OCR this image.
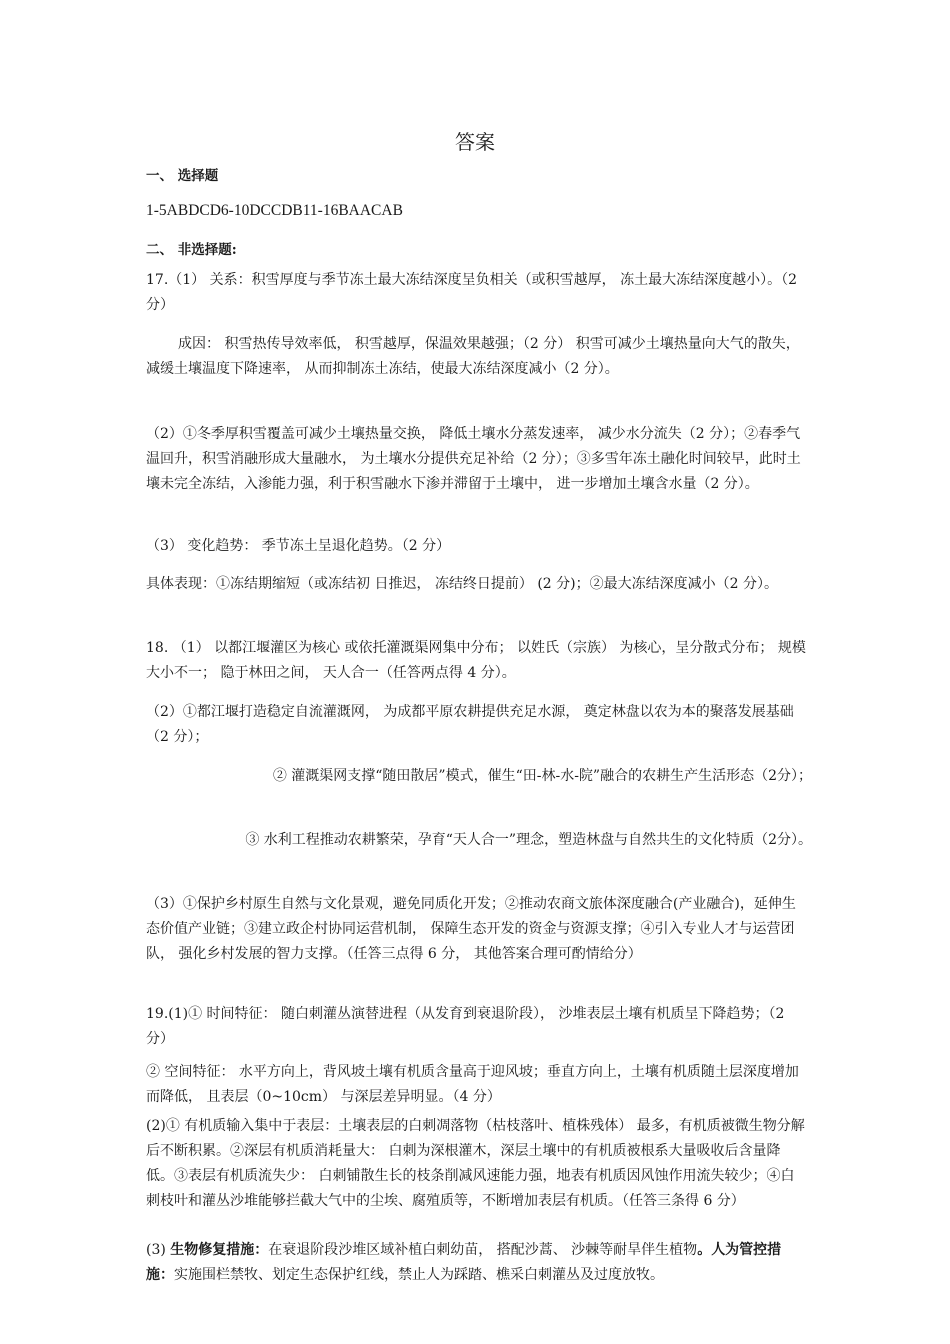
答案

一、 选择题

1-5ABDCD6-10DCCDB11-16BAACAB

二、 非选择题:

17.（1） 关系：积雪厚度与季节冻土最大冻结深度呈负相关（或积雪越厚， 冻土最大冻结深度越小）。（2 分）

成因： 积雪热传导效率低， 积雪越厚，保温效果越强；（2 分） 积雪可减少土壤热量向大气的散失， 减缓土壤温度下降速率， 从而抑制冻土冻结，使最大冻结深度减小（2 分）。

（2）①冬季厚积雪覆盖可减少土壤热量交换， 降低土壤水分蒸发速率， 减少水分流失（2 分）；②春季气温回升，积雪消融形成大量融水， 为土壤水分提供充足补给（2 分）；③多雪年冻土融化时间较早，此时土壤未完全冻结，入渗能力强，利于积雪融水下渗并滞留于土壤中， 进一步增加土壤含水量（2 分）。

（3） 变化趋势： 季节冻土呈退化趋势。（2 分）

具体表现：①冻结期缩短（或冻结初 日推迟， 冻结终日提前） (2 分)；②最大冻结深度减小（2 分）。

18. （1） 以都江堰灌区为核心 或依托灌溉渠网集中分布； 以姓氏（宗族） 为核心，呈分散式分布； 规模大小不一； 隐于林田之间， 天人合一（任答两点得 4 分）。

（2）①都江堰打造稳定自流灌溉网， 为成都平原农耕提供充足水源， 奠定林盘以农为本的聚落发展基础（2 分）；

② 灌溉渠网支撑“随田散居”模式，催生“田-林-水-院”融合的农耕生产生活形态（2分）；

③ 水利工程推动农耕繁荣，孕育“天人合一”理念，塑造林盘与自然共生的文化特质（2分）。

（3）①保护乡村原生自然与文化景观，避免同质化开发；②推动农商文旅体深度融合(产业融合)，延伸生态价值产业链；③建立政企村协同运营机制， 保障生态开发的资金与资源支撑；④引入专业人才与运营团队， 强化乡村发展的智力支撑。（任答三点得 6 分， 其他答案合理可酌情给分）

19.(1)① 时间特征： 随白刺灌丛演替进程（从发育到衰退阶段）， 沙堆表层土壤有机质呈下降趋势；（2 分）

② 空间特征： 水平方向上，背风坡土壤有机质含量高于迎风坡；垂直方向上，土壤有机质随土层深度增加而降低， 且表层（0~10cm） 与深层差异明显。（4 分）

(2)① 有机质输入集中于表层：土壤表层的白刺凋落物（枯枝落叶、植株残体） 最多，有机质被微生物分解后不断积累。②深层有机质消耗量大： 白刺为深根灌木，深层土壤中的有机质被根系大量吸收后含量降低。③表层有机质流失少： 白刺铺散生长的枝条削减风速能力强，地表有机质因风蚀作用流失较少；④白刺枝叶和灌丛沙堆能够拦截大气中的尘埃、腐殖质等，不断增加表层有机质。（任答三条得 6 分）

(3) 生物修复措施：在衰退阶段沙堆区域补植白刺幼苗， 搭配沙蒿、 沙棘等耐旱伴生植物。人为管控措施：实施围栏禁牧、划定生态保护红线，禁止人为踩踏、樵采白刺灌丛及过度放牧。
